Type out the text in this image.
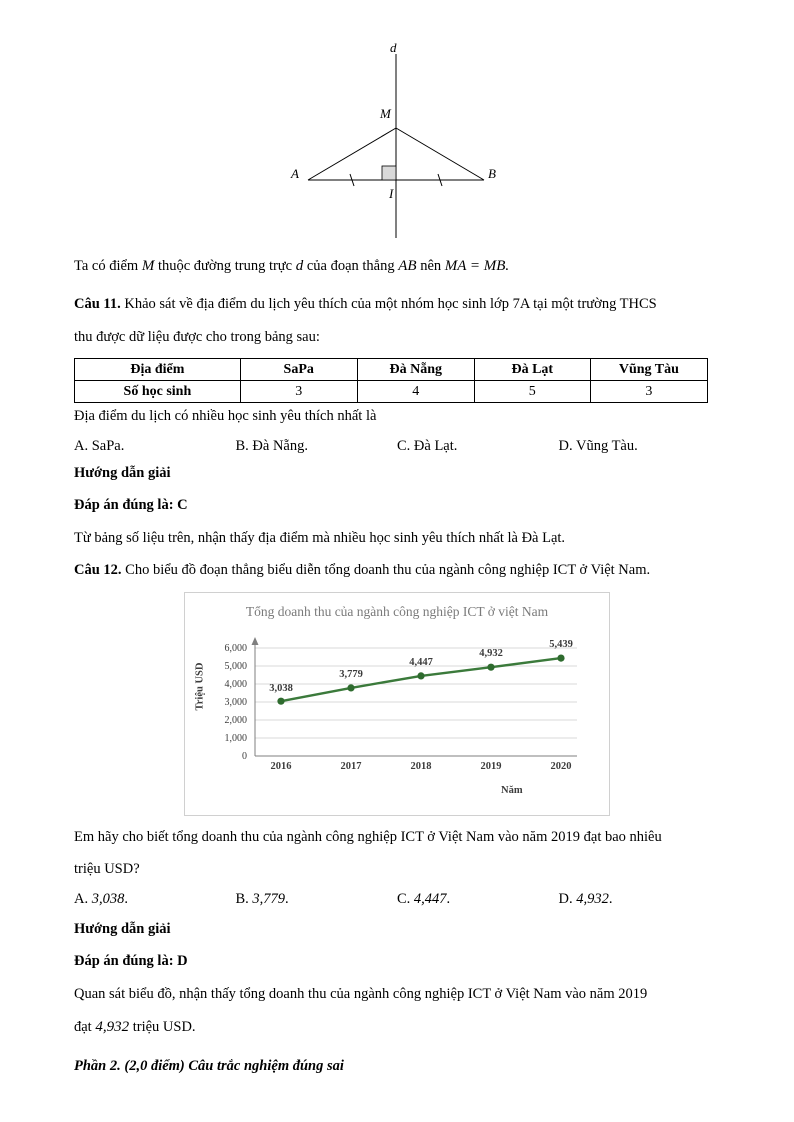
d
M
A	B
I

Ta có điểm M thuộc đường trung trực d của đoạn thẳng AB nên MA = MB.

Câu 11. Khảo sát về địa điểm du lịch yêu thích của một nhóm học sinh lớp 7A tại một trường THCS

thu được dữ liệu được cho trong bảng sau:

Địa điểm	SaPa	Đà Nẵng	Đà Lạt	Vũng Tàu
Số học sinh	3	4	5	3

Địa điểm du lịch có nhiều học sinh yêu thích nhất là

A. SaPa.	B. Đà Nẵng.	C. Đà Lạt.	D. Vũng Tàu.

Hướng dẫn giải

Đáp án đúng là: C

Từ bảng số liệu trên, nhận thấy địa điểm mà nhiều học sinh yêu thích nhất là Đà Lạt.

Câu 12. Cho biểu đồ đoạn thẳng biểu diễn tổng doanh thu của ngành công nghiệp ICT ở Việt Nam.

Tổng doanh thu của ngành công nghiệp ICT ở việt Nam
Triệu USD
Năm
6,000
5,000
4,000
3,000
2,000
1,000
0
3,038
3,779
4,447
4,932
5,439
2016	2017	2018	2019	2020

Em hãy cho biết tổng doanh thu của ngành công nghiệp ICT ở Việt Nam vào năm 2019 đạt bao nhiêu

triệu USD?

A. 3,038.	B. 3,779.	C. 4,447.	D. 4,932.

Hướng dẫn giải

Đáp án đúng là: D

Quan sát biểu đồ, nhận thấy tổng doanh thu của ngành công nghiệp ICT ở Việt Nam vào năm 2019

đạt 4,932 triệu USD.

Phần 2. (2,0 điểm) Câu trắc nghiệm đúng sai
